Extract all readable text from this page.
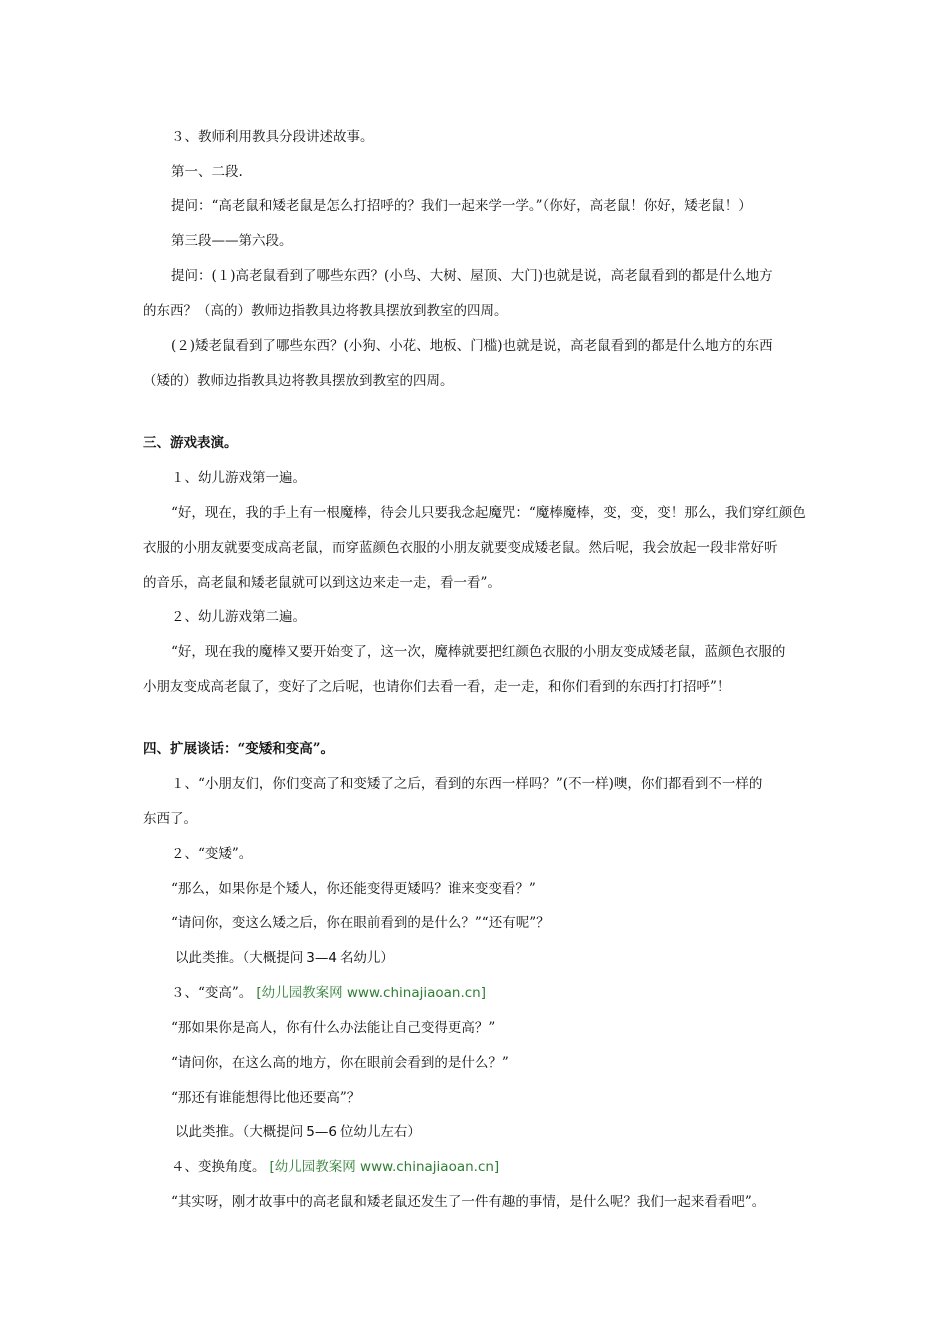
３、教师利用教具分段讲述故事。
第一、二段.
提问：“高老鼠和矮老鼠是怎么打招呼的？我们一起来学一学。”（你好，高老鼠！你好，矮老鼠！）
第三段——第六段。
提问：(１)高老鼠看到了哪些东西？(小鸟、大树、屋顶、大门)也就是说，高老鼠看到的都是什么地方
的东西？（高的）教师边指教具边将教具摆放到教室的四周。
(２)矮老鼠看到了哪些东西？(小狗、小花、地板、门槛)也就是说，高老鼠看到的都是什么地方的东西
（矮的）教师边指教具边将教具摆放到教室的四周。
三、游戏表演。
１、幼儿游戏第一遍。
“好，现在，我的手上有一根魔棒，待会儿只要我念起魔咒：“魔棒魔棒，变，变，变！那么，我们穿红颜色
衣服的小朋友就要变成高老鼠，而穿蓝颜色衣服的小朋友就要变成矮老鼠。然后呢，我会放起一段非常好听
的音乐，高老鼠和矮老鼠就可以到这边来走一走，看一看”。
２、幼儿游戏第二遍。
“好，现在我的魔棒又要开始变了，这一次，魔棒就要把红颜色衣服的小朋友变成矮老鼠，蓝颜色衣服的
小朋友变成高老鼠了，变好了之后呢，也请你们去看一看，走一走，和你们看到的东西打打招呼”！
四、扩展谈话：“变矮和变高”。
１、“小朋友们，你们变高了和变矮了之后，看到的东西一样吗？”(不一样)噢，你们都看到不一样的
东西了。
２、“变矮”。
“那么，如果你是个矮人，你还能变得更矮吗？谁来变变看？”
“请问你，变这么矮之后，你在眼前看到的是什么？”“还有呢”？
以此类推。（大概提问 3—4 名幼儿）
３、“变高”。 [幼儿园教案网 www.chinajiaoan.cn]
“那如果你是高人，你有什么办法能让自己变得更高？”
“请问你，在这么高的地方，你在眼前会看到的是什么？”
“那还有谁能想得比他还要高”？
以此类推。（大概提问 5—6 位幼儿左右）
４、变换角度。 [幼儿园教案网 www.chinajiaoan.cn]
“其实呀，刚才故事中的高老鼠和矮老鼠还发生了一件有趣的事情，是什么呢？我们一起来看看吧”。
